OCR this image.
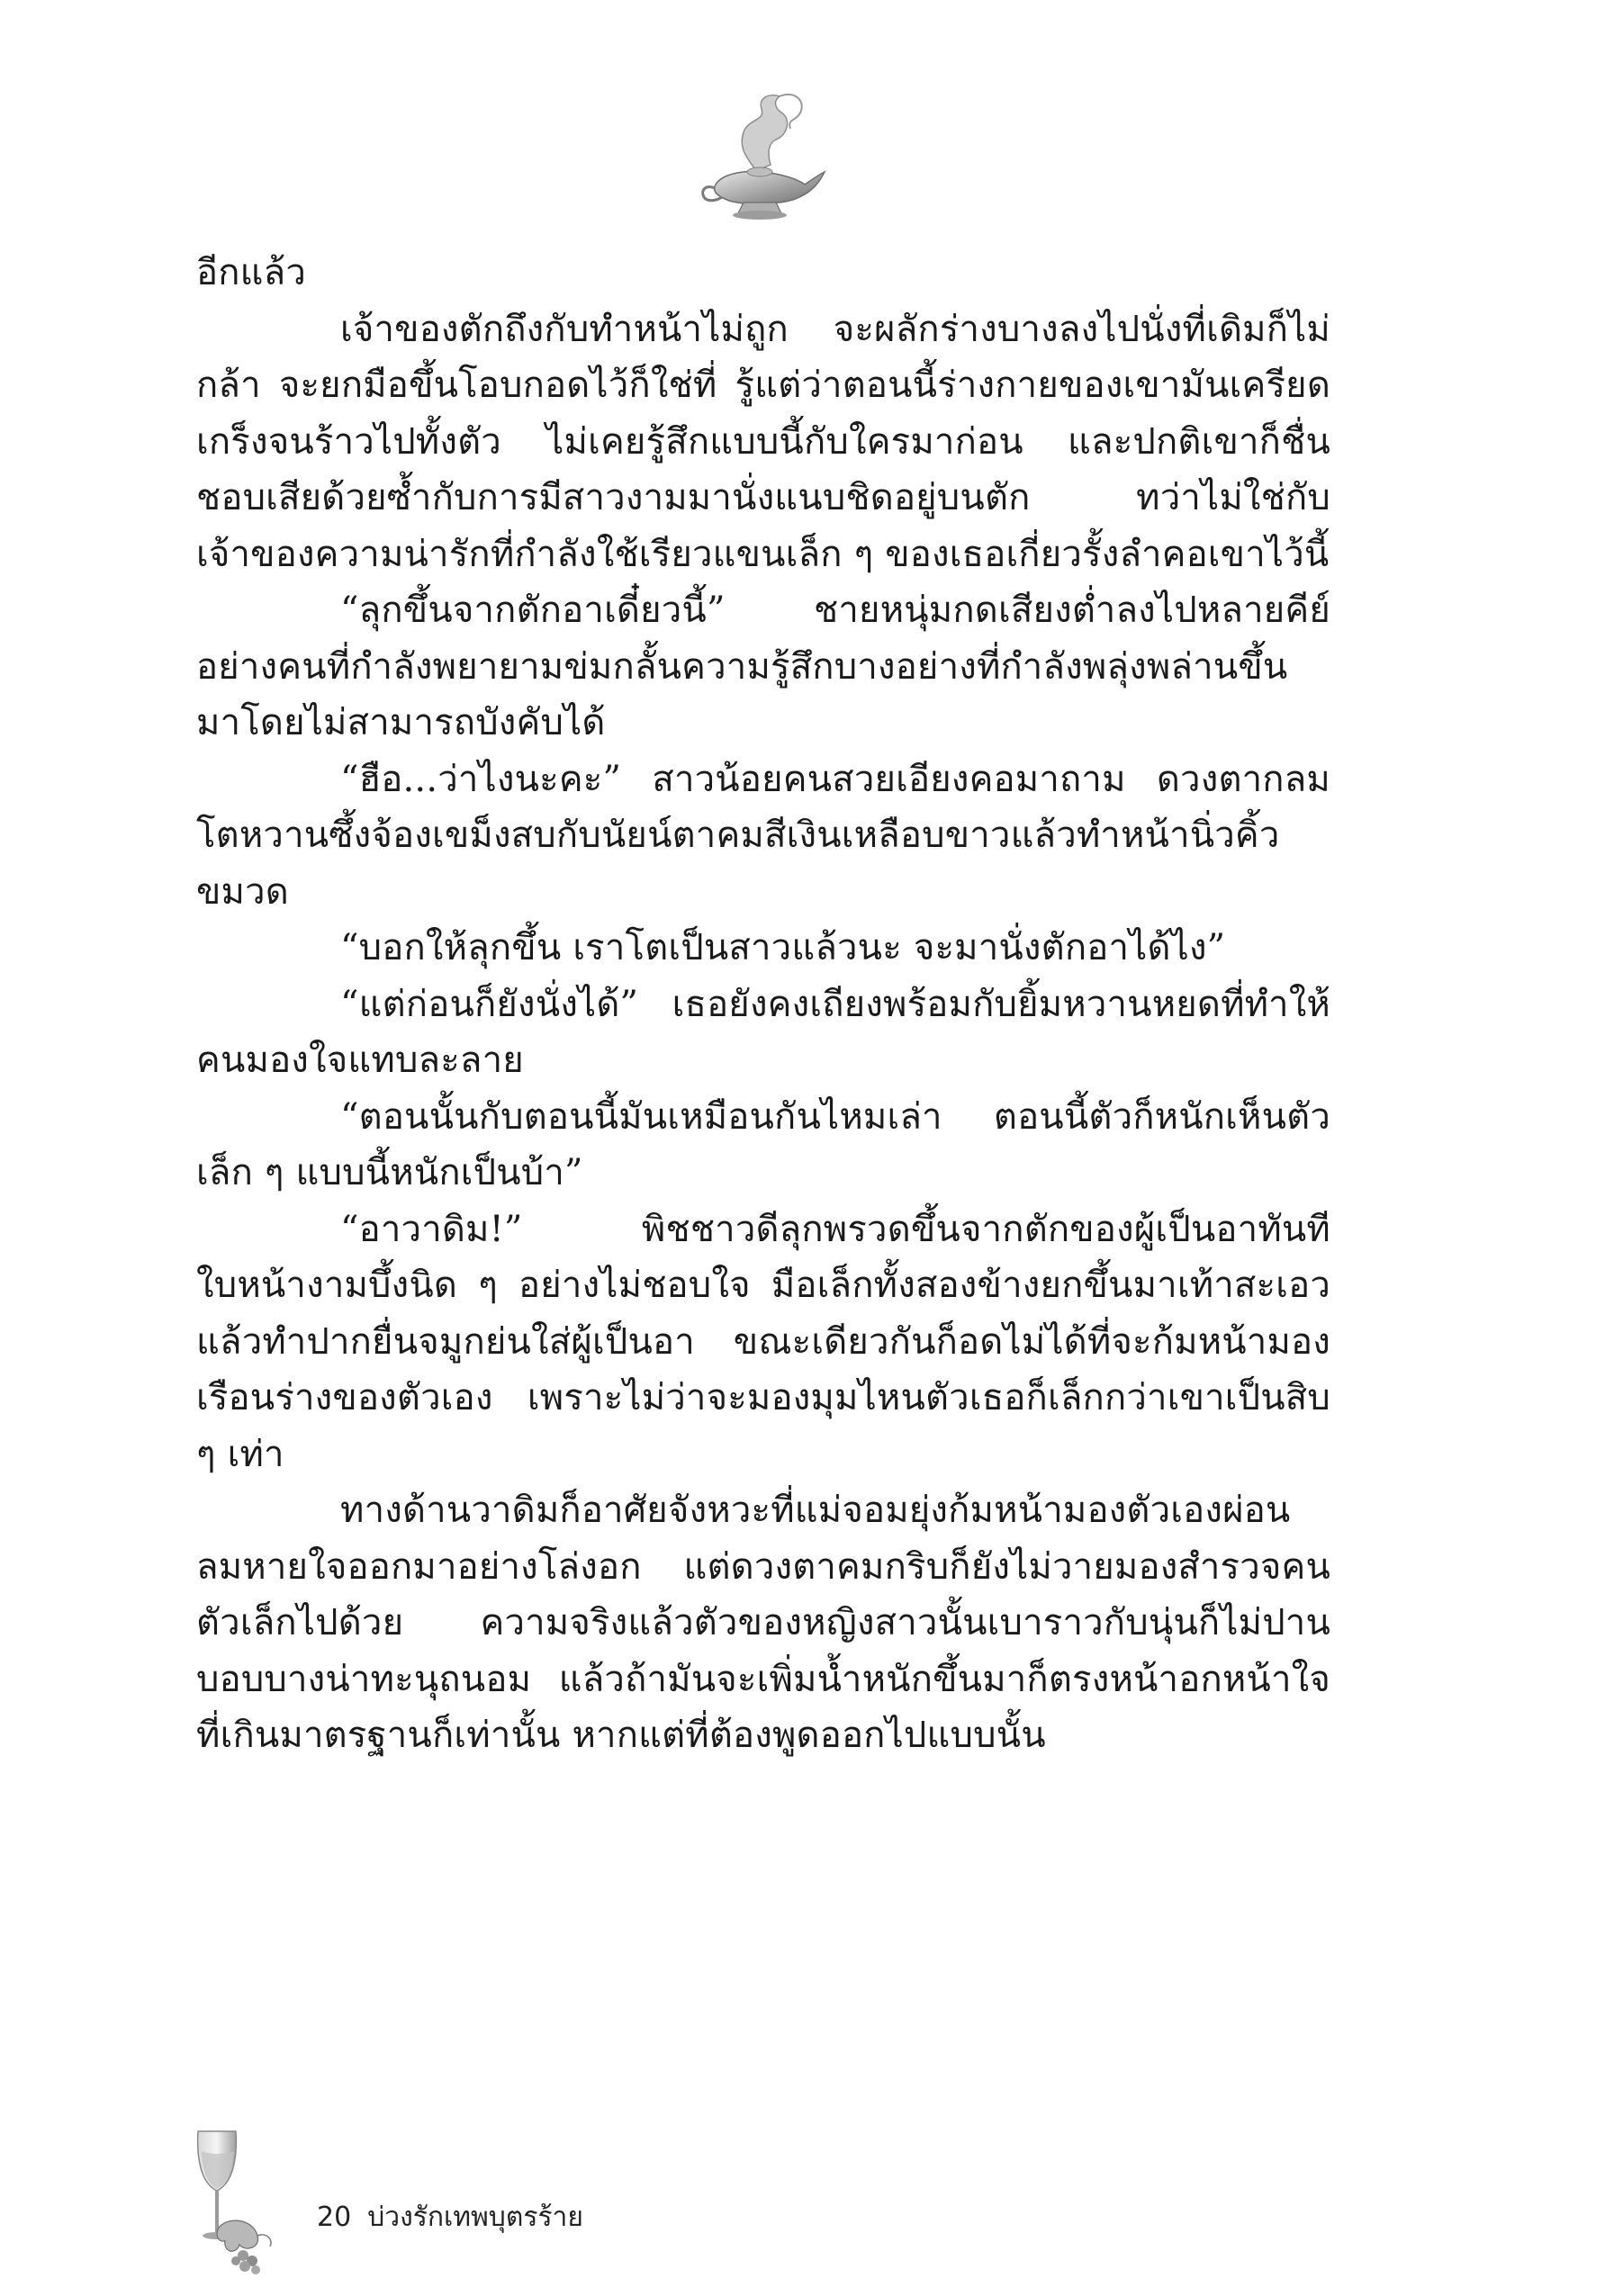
อีกแล้ว

เจ้าของตักถึงกับทำหน้าไม่ถูก จะผลักร่างบางลงไปนั่งที่เดิมก็ไม่กล้า จะยกมือขึ้นโอบกอดไว้ก็ใช่ที่ รู้แต่ว่าตอนนี้ร่างกายของเขามันเครียดเกร็งจนร้าวไปทั้งตัว ไม่เคยรู้สึกแบบนี้กับใครมาก่อน และปกติเขาก็ชื่นชอบเสียด้วยซ้ำกับการมีสาวงามมานั่งแนบชิดอยู่บนตัก ทว่าไม่ใช่กับเจ้าของความน่ารักที่กำลังใช้เรียวแขนเล็ก ๆ ของเธอเกี่ยวรั้งลำคอเขาไว้นี้

“ลุกขึ้นจากตักอาเดี๋ยวนี้” ชายหนุ่มกดเสียงต่ำลงไปหลายคีย์อย่างคนที่กำลังพยายามข่มกลั้นความรู้สึกบางอย่างที่กำลังพลุ่งพล่านขึ้นมาโดยไม่สามารถบังคับได้

“ฮือ...ว่าไงนะคะ” สาวน้อยคนสวยเอียงคอมาถาม ดวงตากลมโตหวานซึ้งจ้องเขม็งสบกับนัยน์ตาคมสีเงินเหลือบขาวแล้วทำหน้านิ่วคิ้วขมวด

“บอกให้ลุกขึ้น เราโตเป็นสาวแล้วนะ จะมานั่งตักอาได้ไง”

“แต่ก่อนก็ยังนั่งได้” เธอยังคงเถียงพร้อมกับยิ้มหวานหยดที่ทำให้คนมองใจแทบละลาย

“ตอนนั้นกับตอนนี้มันเหมือนกันไหมเล่า ตอนนี้ตัวก็หนักเห็นตัวเล็ก ๆ แบบนี้หนักเป็นบ้า”

“อาวาดิม!” พิชชาวดีลุกพรวดขึ้นจากตักของผู้เป็นอาทันทีใบหน้างามบึ้งนิด ๆ อย่างไม่ชอบใจ มือเล็กทั้งสองข้างยกขึ้นมาเท้าสะเอวแล้วทำปากยื่นจมูกย่นใส่ผู้เป็นอา ขณะเดียวกันก็อดไม่ได้ที่จะก้มหน้ามองเรือนร่างของตัวเอง เพราะไม่ว่าจะมองมุมไหนตัวเธอก็เล็กกว่าเขาเป็นสิบ ๆ เท่า

ทางด้านวาดิมก็อาศัยจังหวะที่แม่จอมยุ่งก้มหน้ามองตัวเองผ่อนลมหายใจออกมาอย่างโล่งอก แต่ดวงตาคมกริบก็ยังไม่วายมองสำรวจคนตัวเล็กไปด้วย ความจริงแล้วตัวของหญิงสาวนั้นเบาราวกับนุ่นก็ไม่ปาน บอบบางน่าทะนุถนอม แล้วถ้ามันจะเพิ่มน้ำหนักขึ้นมาก็ตรงหน้าอกหน้าใจที่เกินมาตรฐานก็เท่านั้น หากแต่ที่ต้องพูดออกไปแบบนั้น

20 บ่วงรักเทพบุตรร้าย
